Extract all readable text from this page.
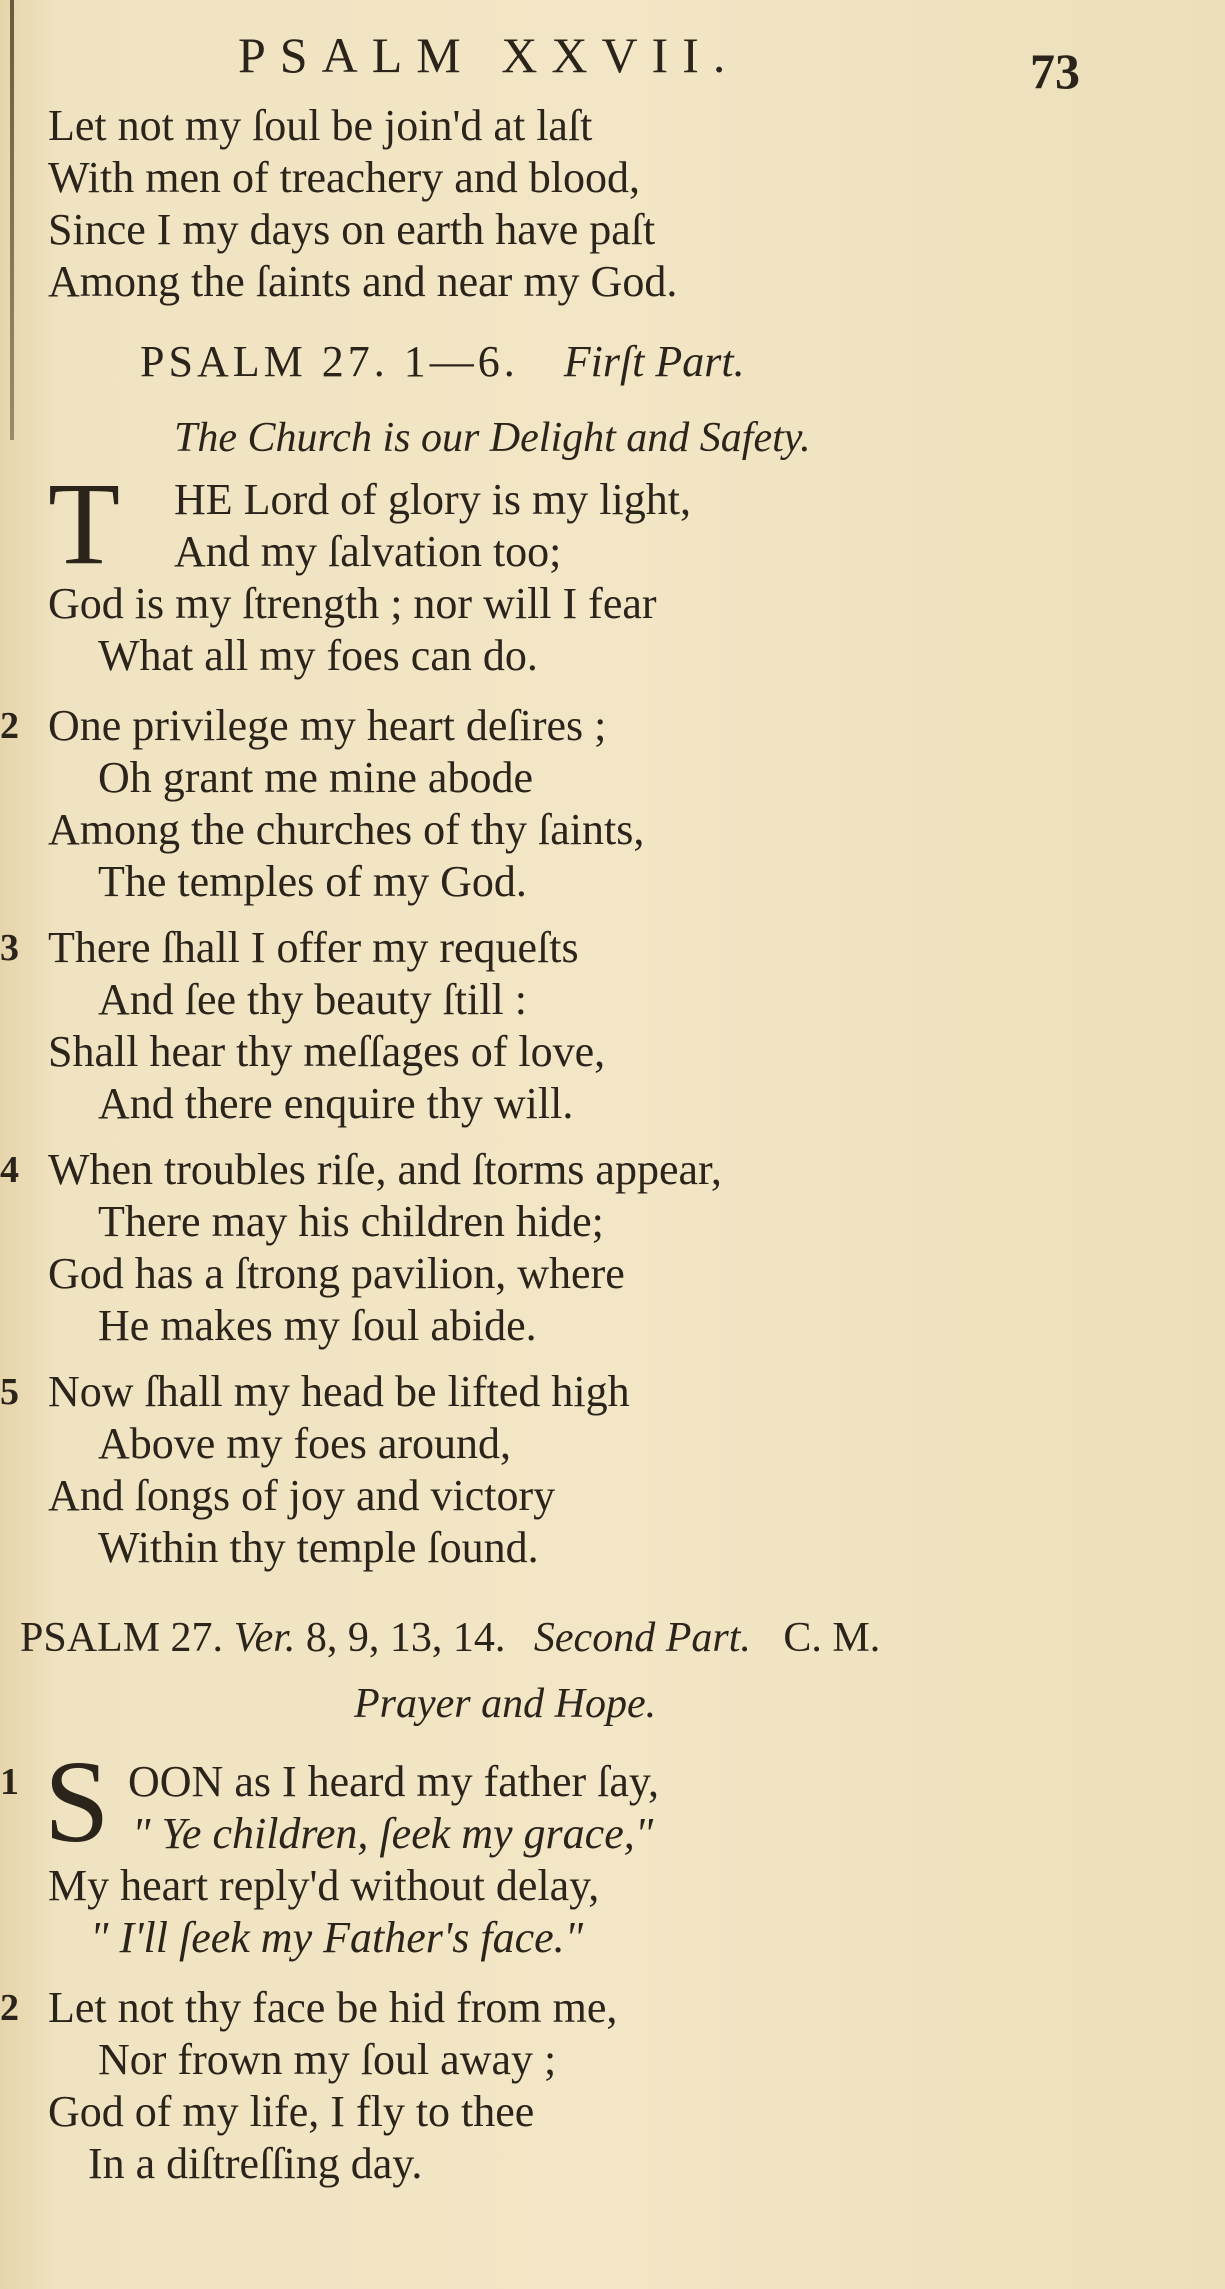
PSALM XXVII.	73
Let not my ſoul be join'd at laſt
With men of treachery and blood,
Since I my days on earth have paſt
Among the ſaints and near my God.
PSALM 27. 1—6. Firſt Part.
The Church is our Delight and Safety.
T	HE Lord of glory is my light,
And my ſalvation too;
God is my ſtrength ; nor will I fear
What all my foes can do.
2 One privilege my heart deſires ;
Oh grant me mine abode
Among the churches of thy ſaints,
The temples of my God.
3 There ſhall I offer my requeſts
And ſee thy beauty ſtill :
Shall hear thy meſſages of love,
And there enquire thy will.
4 When troubles riſe, and ſtorms appear,
There may his children hide;
God has a ſtrong pavilion, where
He makes my ſoul abide.
5 Now ſhall my head be lifted high
Above my foes around,
And ſongs of joy and victory
Within thy temple ſound.
PSALM 27. Ver. 8, 9, 13, 14. Second Part. C. M.
Prayer and Hope.
1 S OON as I heard my father ſay,
" Ye children, ſeek my grace,"
My heart reply'd without delay,
" I'll ſeek my Father's face."
2 Let not thy face be hid from me,
Nor frown my ſoul away ;
God of my life, I fly to thee
In a diſtreſſing day.
